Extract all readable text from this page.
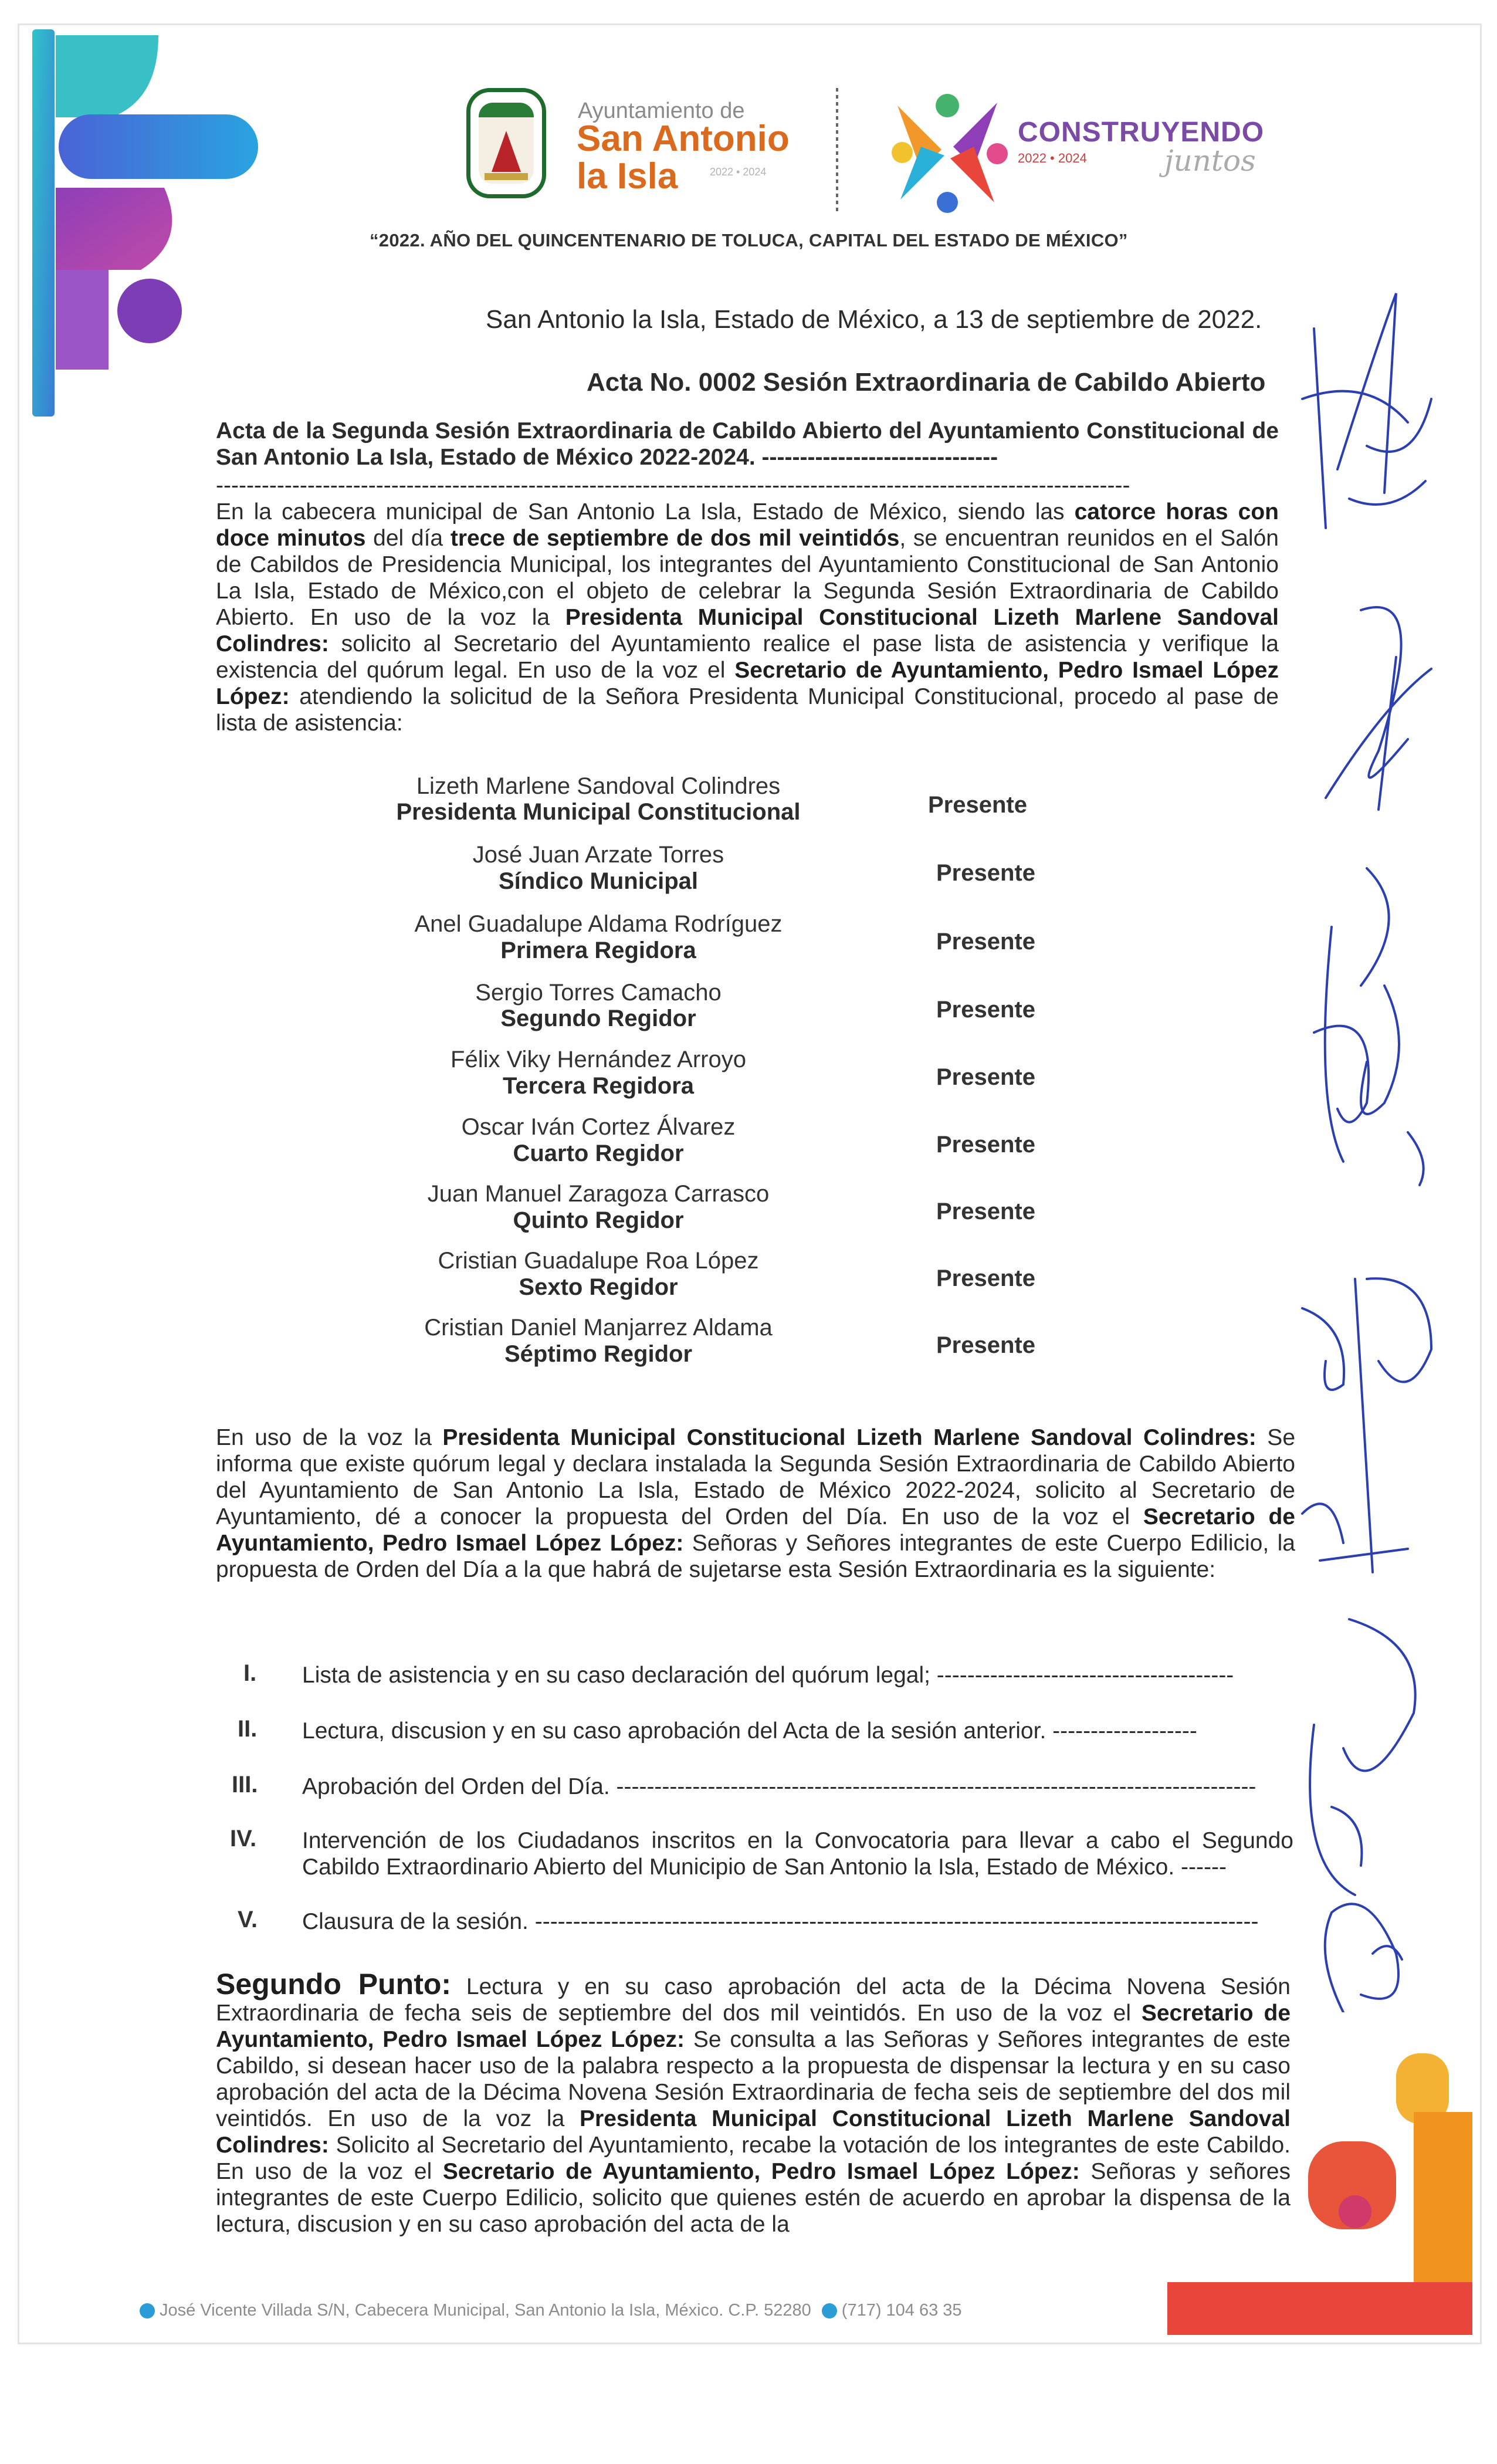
Ayuntamiento de
San Antonio la Isla	2022 • 2024
CONSTRUYENDO
2022 • 2024	juntos
“2022. AÑO DEL QUINCENTENARIO DE TOLUCA, CAPITAL DEL ESTADO DE MÉXICO”
San Antonio la Isla, Estado de México, a 13 de septiembre de 2022.
Acta No. 0002 Sesión Extraordinaria de Cabildo Abierto
Acta de la Segunda Sesión Extraordinaria de Cabildo Abierto del Ayuntamiento Constitucional de San Antonio La Isla, Estado de México 2022-2024. -------------------------------
------------------------------------------------------------------------------------------------------------------------
En la cabecera municipal de San Antonio La Isla, Estado de México, siendo las catorce horas con doce minutos del día trece de septiembre de dos mil veintidós, se encuentran reunidos en el Salón de Cabildos de Presidencia Municipal, los integrantes del Ayuntamiento Constitucional de San Antonio La Isla, Estado de México,con el objeto de celebrar la Segunda Sesión Extraordinaria de Cabildo Abierto. En uso de la voz la Presidenta Municipal Constitucional Lizeth Marlene Sandoval Colindres: solicito al Secretario del Ayuntamiento realice el pase lista de asistencia y verifique la existencia del quórum legal. En uso de la voz el Secretario de Ayuntamiento, Pedro Ismael López López: atendiendo la solicitud de la Señora Presidenta Municipal Constitucional, procedo al pase de lista de asistencia:
Lizeth Marlene Sandoval Colindres
Presidenta Municipal Constitucional	Presente
José Juan Arzate Torres
Síndico Municipal	Presente
Anel Guadalupe Aldama Rodríguez
Primera Regidora	Presente
Sergio Torres Camacho
Segundo Regidor	Presente
Félix Viky Hernández Arroyo
Tercera Regidora	Presente
Oscar Iván Cortez Álvarez
Cuarto Regidor	Presente
Juan Manuel Zaragoza Carrasco
Quinto Regidor	Presente
Cristian Guadalupe Roa López
Sexto Regidor	Presente
Cristian Daniel Manjarrez Aldama
Séptimo Regidor	Presente
En uso de la voz la Presidenta Municipal Constitucional Lizeth Marlene Sandoval Colindres: Se informa que existe quórum legal y declara instalada la Segunda Sesión Extraordinaria de Cabildo Abierto del Ayuntamiento de San Antonio La Isla, Estado de México 2022-2024, solicito al Secretario de Ayuntamiento, dé a conocer la propuesta del Orden del Día. En uso de la voz el Secretario de Ayuntamiento, Pedro Ismael López López: Señoras y Señores integrantes de este Cuerpo Edilicio, la propuesta de Orden del Día a la que habrá de sujetarse esta Sesión Extraordinaria es la siguiente:
I. Lista de asistencia y en su caso declaración del quórum legal; ---------------------------------------
II. Lectura, discusion y en su caso aprobación del Acta de la sesión anterior. -------------------
III. Aprobación del Orden del Día. ------------------------------------------------------------------------------------
IV. Intervención de los Ciudadanos inscritos en la Convocatoria para llevar a cabo el Segundo Cabildo Extraordinario Abierto del Municipio de San Antonio la Isla, Estado de México. ------
V. Clausura de la sesión. -----------------------------------------------------------------------------------------------
Segundo Punto: Lectura y en su caso aprobación del acta de la Décima Novena Sesión Extraordinaria de fecha seis de septiembre del dos mil veintidós. En uso de la voz el Secretario de Ayuntamiento, Pedro Ismael López López: Se consulta a las Señoras y Señores integrantes de este Cabildo, si desean hacer uso de la palabra respecto a la propuesta de dispensar la lectura y en su caso aprobación del acta de la Décima Novena Sesión Extraordinaria de fecha seis de septiembre del dos mil veintidós. En uso de la voz la Presidenta Municipal Constitucional Lizeth Marlene Sandoval Colindres: Solicito al Secretario del Ayuntamiento, recabe la votación de los integrantes de este Cabildo. En uso de la voz el Secretario de Ayuntamiento, Pedro Ismael López López: Señoras y señores integrantes de este Cuerpo Edilicio, solicito que quienes estén de acuerdo en aprobar la dispensa de la lectura, discusion y en su caso aprobación del acta de la
José Vicente Villada S/N, Cabecera Municipal, San Antonio la Isla, México. C.P. 52280 (717) 104 63 35
